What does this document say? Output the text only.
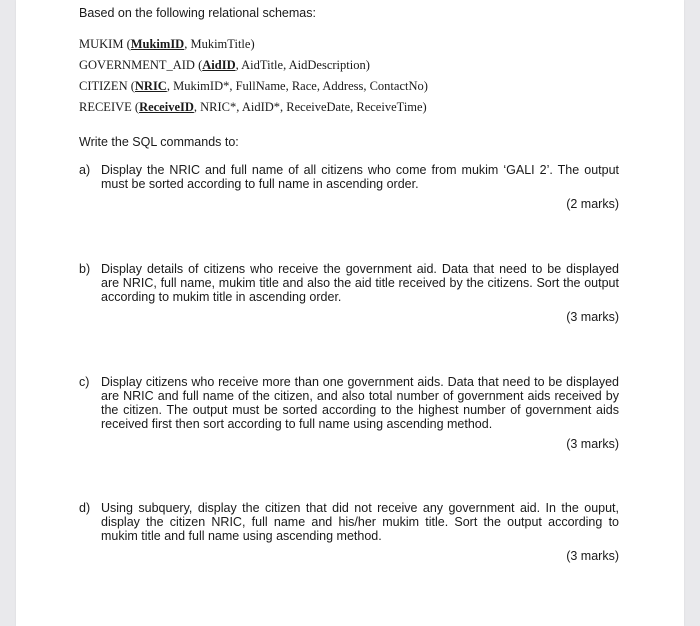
Based on the following relational schemas:
MUKIM (MukimID, MukimTitle)
GOVERNMENT_AID (AidID, AidTitle, AidDescription)
CITIZEN (NRIC, MukimID*, FullName, Race, Address, ContactNo)
RECEIVE (ReceiveID, NRIC*, AidID*, ReceiveDate, ReceiveTime)
Write the SQL commands to:
a) Display the NRIC and full name of all citizens who come from mukim ‘GALI 2’. The output must be sorted according to full name in ascending order.
(2 marks)
b) Display details of citizens who receive the government aid. Data that need to be displayed are NRIC, full name, mukim title and also the aid title received by the citizens. Sort the output according to mukim title in ascending order.
(3 marks)
c) Display citizens who receive more than one government aids. Data that need to be displayed are NRIC and full name of the citizen, and also total number of government aids received by the citizen. The output must be sorted according to the highest number of government aids received first then sort according to full name using ascending method.
(3 marks)
d) Using subquery, display the citizen that did not receive any government aid. In the ouput, display the citizen NRIC, full name and his/her mukim title. Sort the output according to mukim title and full name using ascending method.
(3 marks)
